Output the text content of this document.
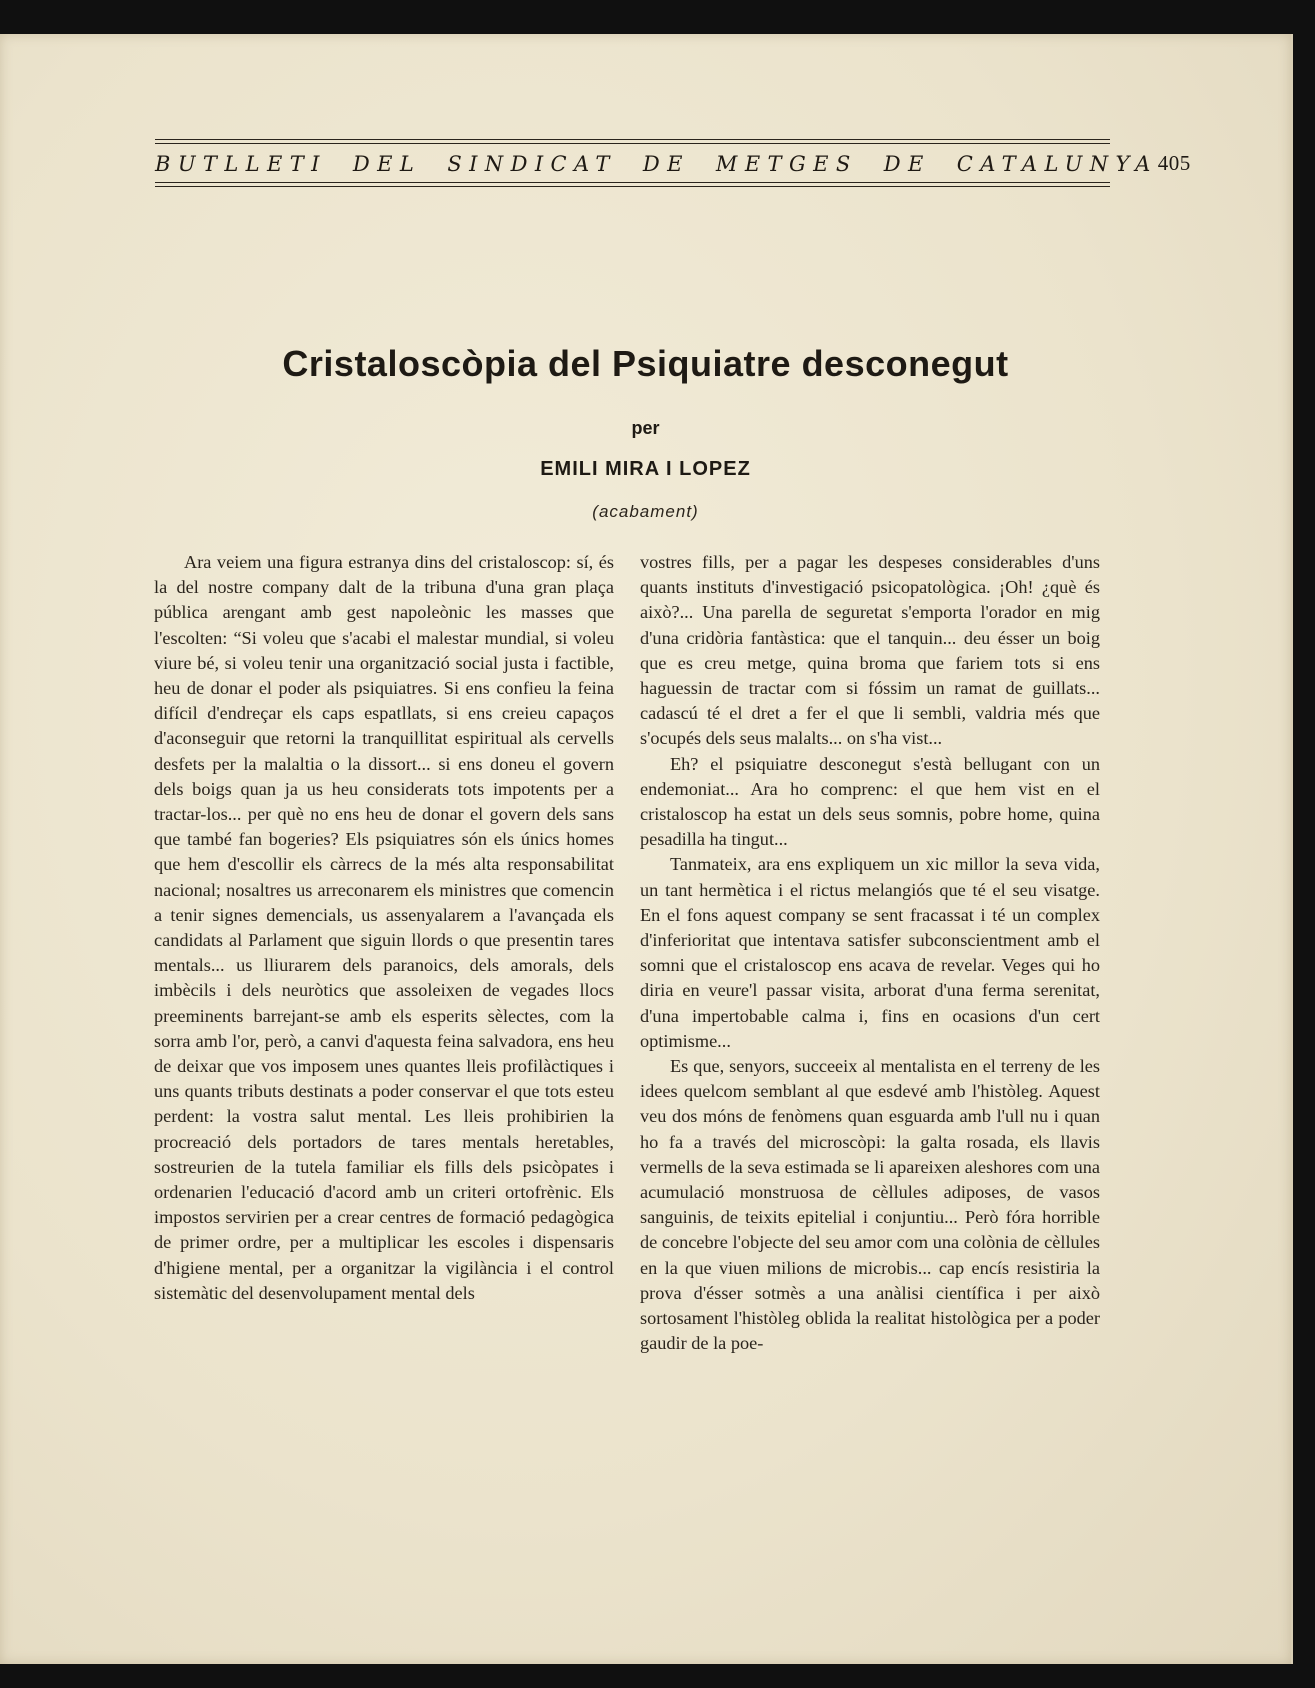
BUTLLETI DEL SINDICAT DE METGES DE CATALUNYA 405
Cristaloscòpia del Psiquiatre desconegut
per
EMILI MIRA I LOPEZ
(acabament)

Ara veiem una figura estranya dins del cristaloscop: sí, és la del nostre company dalt de la tribuna d'una gran plaça pública arengant amb gest napoleònic les masses que l'escolten: “Si voleu que s'acabi el malestar mundial, si voleu viure bé, si voleu tenir una organització social justa i factible, heu de donar el poder als psiquiatres. Si ens confieu la feina difícil d'endreçar els caps espatllats, si ens creieu capaços d'aconseguir que retorni la tranquillitat espiritual als cervells desfets per la malaltia o la dissort... si ens doneu el govern dels boigs quan ja us heu considerats tots impotents per a tractar-los... per què no ens heu de donar el govern dels sans que també fan bogeries? Els psiquiatres són els únics homes que hem d'escollir els càrrecs de la més alta responsabilitat nacional; nosaltres us arreconarem els ministres que comencin a tenir signes demencials, us assenyalarem a l'avançada els candidats al Parlament que siguin llords o que presentin tares mentals... us lliurarem dels paranoics, dels amorals, dels imbècils i dels neuròtics que assoleixen de vegades llocs preeminents barrejant-se amb els esperits sèlectes, com la sorra amb l'or, però, a canvi d'aquesta feina salvadora, ens heu de deixar que vos imposem unes quantes lleis profilàctiques i uns quants tributs destinats a poder conservar el que tots esteu perdent: la vostra salut mental. Les lleis prohibirien la procreació dels portadors de tares mentals heretables, sostreurien de la tutela familiar els fills dels psicòpates i ordenarien l'educació d'acord amb un criteri ortofrènic. Els impostos servirien per a crear centres de formació pedagògica de primer ordre, per a multiplicar les escoles i dispensaris d'higiene mental, per a organitzar la vigilància i el control sistemàtic del desenvolupament mental dels

vostres fills, per a pagar les despeses considerables d'uns quants instituts d'investigació psicopatològica. ¡Oh! ¿què és això?... Una parella de seguretat s'emporta l'orador en mig d'una cridòria fantàstica: que el tanquin... deu ésser un boig que es creu metge, quina broma que fariem tots si ens haguessin de tractar com si fóssim un ramat de guillats... cadascú té el dret a fer el que li sembli, valdria més que s'ocupés dels seus malalts... on s'ha vist...

Eh? el psiquiatre desconegut s'està bellugant con un endemoniat... Ara ho comprenc: el que hem vist en el cristaloscop ha estat un dels seus somnis, pobre home, quina pesadilla ha tingut...

Tanmateix, ara ens expliquem un xic millor la seva vida, un tant hermètica i el rictus melangiós que té el seu visatge. En el fons aquest company se sent fracassat i té un complex d'inferioritat que intentava satisfer subconscientment amb el somni que el cristaloscop ens acava de revelar. Veges qui ho diria en veure'l passar visita, arborat d'una ferma serenitat, d'una impertobable calma i, fins en ocasions d'un cert optimisme...

Es que, senyors, succeeix al mentalista en el terreny de les idees quelcom semblant al que esdevé amb l'històleg. Aquest veu dos móns de fenòmens quan esguarda amb l'ull nu i quan ho fa a través del microscòpi: la galta rosada, els llavis vermells de la seva estimada se li apareixen aleshores com una acumulació monstruosa de cèllules adiposes, de vasos sanguinis, de teixits epitelial i conjuntiu... Però fóra horrible de concebre l'objecte del seu amor com una colònia de cèllules en la que viuen milions de microbis... cap encís resistiria la prova d'ésser sotmès a una anàlisi científica i per això sortosament l'històleg oblida la realitat histològica per a poder gaudir de la poe-
